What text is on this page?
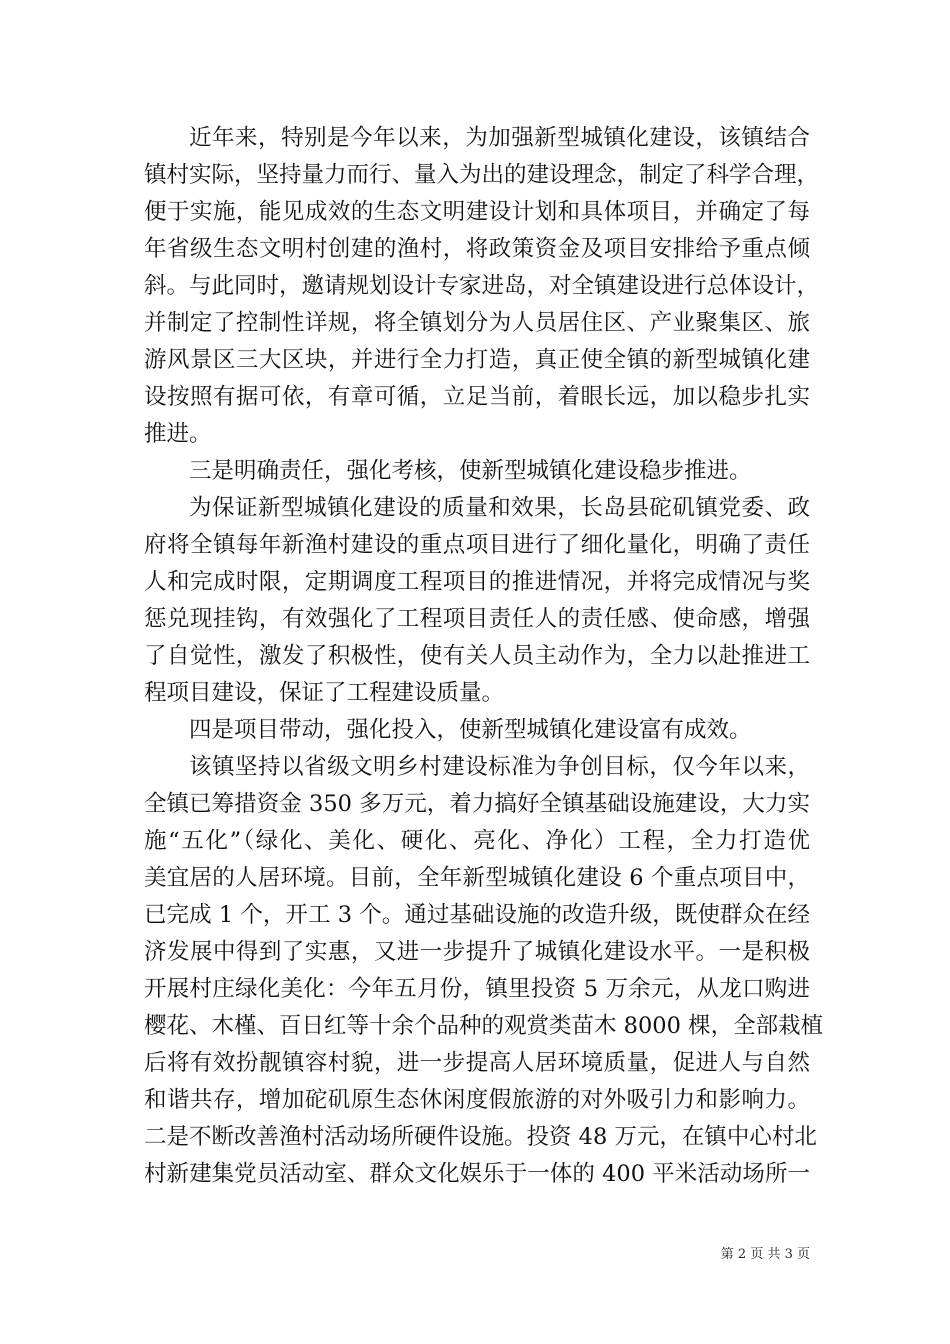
近年来，特别是今年以来，为加强新型城镇化建设，该镇结合
镇村实际，坚持量力而行、量入为出的建设理念，制定了科学合理，
便于实施，能见成效的生态文明建设计划和具体项目，并确定了每
年省级生态文明村创建的渔村，将政策资金及项目安排给予重点倾
斜。与此同时，邀请规划设计专家进岛，对全镇建设进行总体设计，
并制定了控制性详规，将全镇划分为人员居住区、产业聚集区、旅
游风景区三大区块，并进行全力打造，真正使全镇的新型城镇化建
设按照有据可依，有章可循，立足当前，着眼长远，加以稳步扎实
推进。
三是明确责任，强化考核，使新型城镇化建设稳步推进。
为保证新型城镇化建设的质量和效果，长岛县砣矶镇党委、政
府将全镇每年新渔村建设的重点项目进行了细化量化，明确了责任
人和完成时限，定期调度工程项目的推进情况，并将完成情况与奖
惩兑现挂钩，有效强化了工程项目责任人的责任感、使命感，增强
了自觉性，激发了积极性，使有关人员主动作为，全力以赴推进工
程项目建设，保证了工程建设质量。
四是项目带动，强化投入，使新型城镇化建设富有成效。
该镇坚持以省级文明乡村建设标准为争创目标，仅今年以来，
全镇已筹措资金 350 多万元，着力搞好全镇基础设施建设，大力实
施“五化”（绿化、美化、硬化、亮化、净化）工程，全力打造优
美宜居的人居环境。目前，全年新型城镇化建设 6 个重点项目中，
已完成 1 个，开工 3 个。通过基础设施的改造升级，既使群众在经
济发展中得到了实惠，又进一步提升了城镇化建设水平。一是积极
开展村庄绿化美化：今年五月份，镇里投资 5 万余元，从龙口购进
樱花、木槿、百日红等十余个品种的观赏类苗木 8000 棵，全部栽植
后将有效扮靓镇容村貌，进一步提高人居环境质量，促进人与自然
和谐共存，增加砣矶原生态休闲度假旅游的对外吸引力和影响力。
二是不断改善渔村活动场所硬件设施。投资 48 万元，在镇中心村北
村新建集党员活动室、群众文化娱乐于一体的 400 平米活动场所一
第 2 页 共 3 页
